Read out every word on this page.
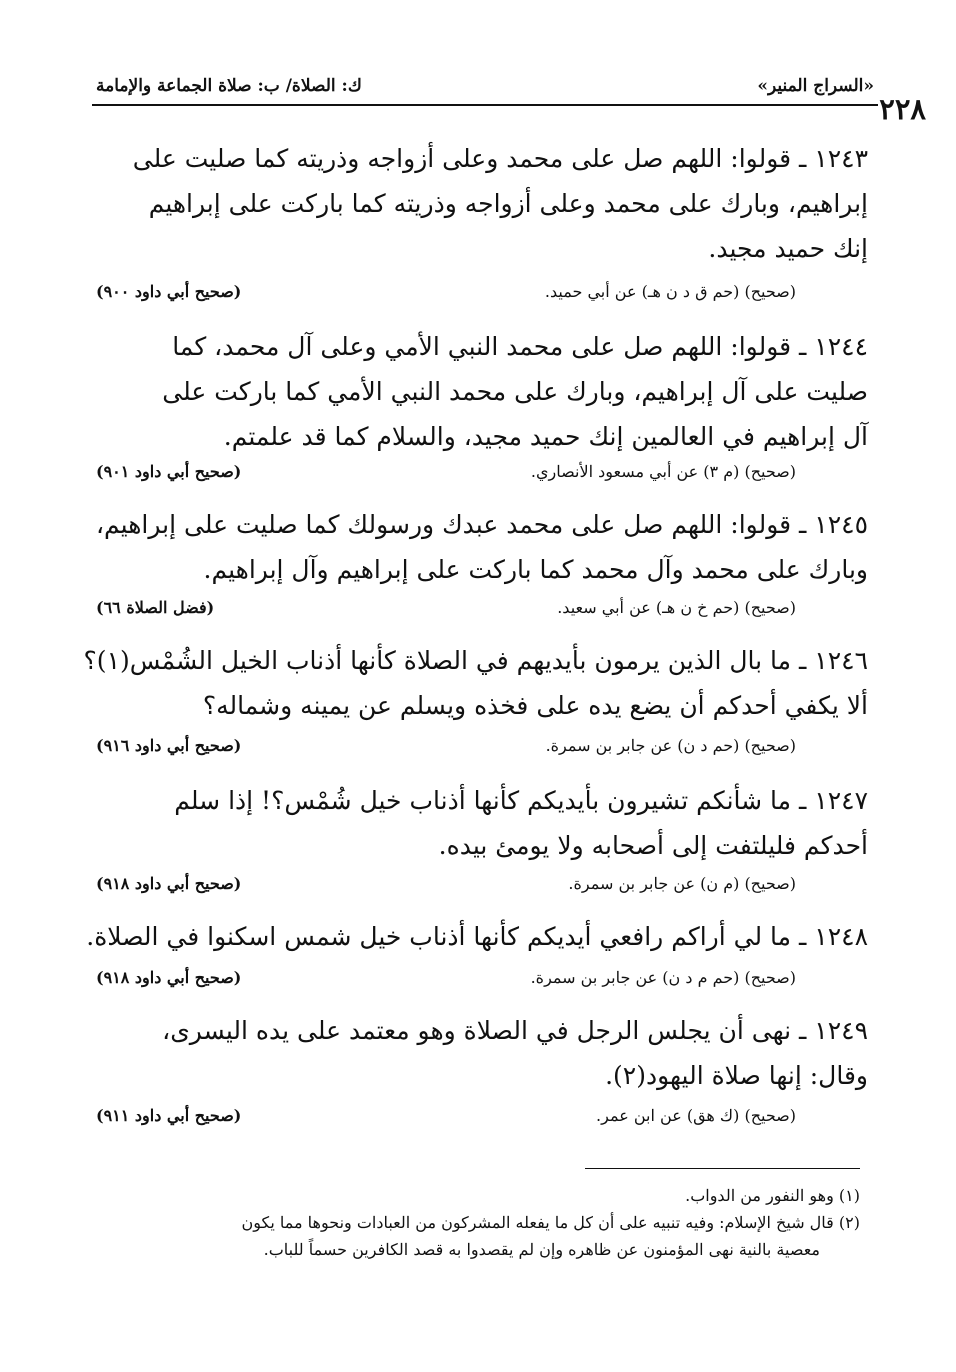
٢٢٨
«السراج المنير»
ك: الصلاة/ ب: صلاة الجماعة والإمامة
١٢٤٣ ـ قولوا: اللهم صل على محمد وعلى أزواجه وذريته كما صليت على
إبراهيم، وبارك على محمد وعلى أزواجه وذريته كما باركت على إبراهيم
إنك حميد مجيد.
(صحيح) (حم ق د ن هـ) عن أبي حميد.
(صحيح أبي داود ٩٠٠)
١٢٤٤ ـ قولوا: اللهم صل على محمد النبي الأمي وعلى آل محمد، كما
صليت على آل إبراهيم، وبارك على محمد النبي الأمي كما باركت على
آل إبراهيم في العالمين إنك حميد مجيد، والسلام كما قد علمتم.
(صحيح) (م ٣) عن أبي مسعود الأنصاري.
(صحيح أبي داود ٩٠١)
١٢٤٥ ـ قولوا: اللهم صل على محمد عبدك ورسولك كما صليت على إبراهيم،
وبارك على محمد وآل محمد كما باركت على إبراهيم وآل إبراهيم.
(صحيح) (حم خ ن هـ) عن أبي سعيد.
(فضل الصلاة ٦٦)
١٢٤٦ ـ ما بال الذين يرمون بأيديهم في الصلاة كأنها أذناب الخيل الشُمْس(١)؟
ألا يكفي أحدكم أن يضع يده على فخذه ويسلم عن يمينه وشماله؟
(صحيح) (حم د ن) عن جابر بن سمرة.
(صحيح أبي داود ٩١٦)
١٢٤٧ ـ ما شأنكم تشيرون بأيديكم كأنها أذناب خيل شُمْس؟! إذا سلم
أحدكم فليلتفت إلى أصحابه ولا يومئ بيده.
(صحيح) (م ن) عن جابر بن سمرة.
(صحيح أبي داود ٩١٨)
١٢٤٨ ـ ما لي أراكم رافعي أيديكم كأنها أذناب خيل شمس اسكنوا في الصلاة.
(صحيح) (حم م د ن) عن جابر بن سمرة.
(صحيح أبي داود ٩١٨)
١٢٤٩ ـ نهى أن يجلس الرجل في الصلاة وهو معتمد على يده اليسرى،
وقال: إنها صلاة اليهود(٢).
(صحيح) (ك هق) عن ابن عمر.
(صحيح أبي داود ٩١١)
(١) وهو النفور من الدواب.
(٢) قال شيخ الإسلام: وفيه تنبيه على أن كل ما يفعله المشركون من العبادات ونحوها مما يكون
معصية بالنية نهى المؤمنون عن ظاهره وإن لم يقصدوا به قصد الكافرين حسماً للباب.
